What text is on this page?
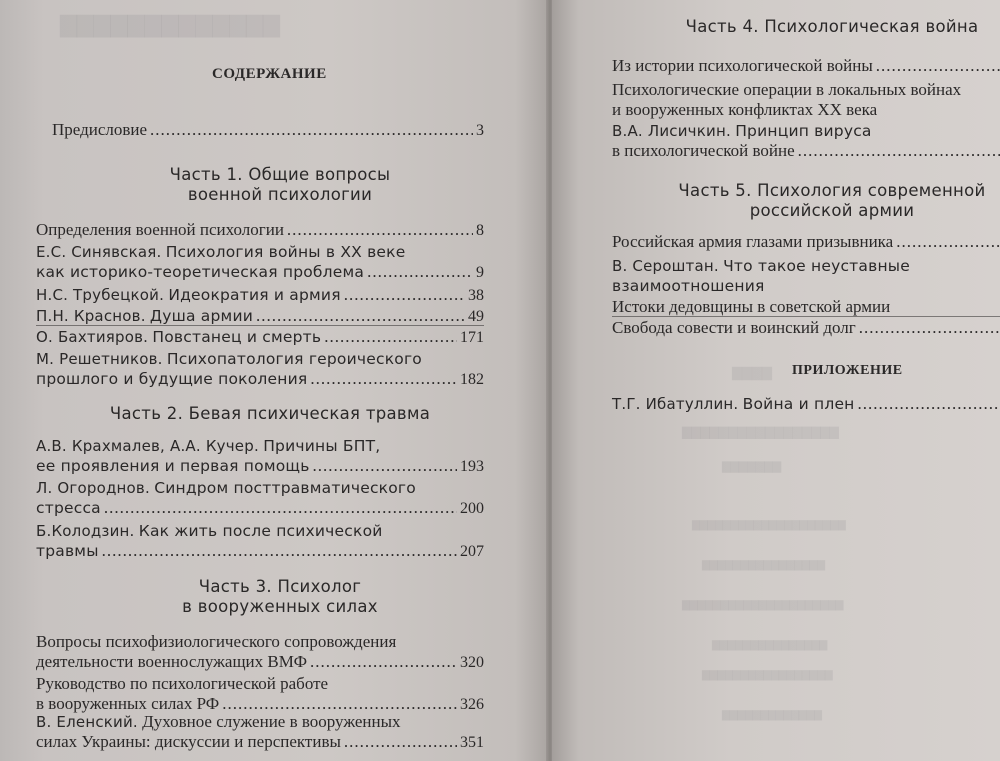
▇▇▇▇▇▇▇▇▇▇▇▇▇
СОДЕРЖАНИЕ
Предисловие .....	3
Часть 1. Общие вопросы
военной психологии
Определения военной психологии .....	8
Е.С. Синявская. Психология войны в XX веке
как историко-теоретическая проблема .....	9
Н.С. Трубецкой.
Идеократия и армия .....	38
П.Н. Краснов.
Душа армии .....	49
О. Бахтияров.
Повстанец и смерть .....	171
М. Решетников. Психопатология героического
прошлого и будущие поколения .....	182
Часть 2. Бевая психическая травма
А.В. Крахмалев, А.А. Кучер. Причины БПТ,
ее проявления и первая помощь .....	193
Л. Огороднов. Синдром посттравматического
стресса .....	200
Б.Колодзин. Как жить после психической
травмы .....	207
Часть 3. Психолог
в вооруженных силах
Вопросы психофизиологического сопровождения
деятельности военнослужащих ВМФ .....	320
Руководство по психологической работе
в вооруженных силах РФ .....	326
В. Еленский. Духовное служение в вооруженных
силах Украины: дискуссии и перспективы .....	351
▇▇▇▇
▇▇▇▇▇▇▇▇▇▇▇▇▇▇▇▇▇
▇▇▇▇▇▇▇
▇▇▇▇▇▇▇▇▇▇▇▇▇▇▇▇▇▇▇▇
▇▇▇▇▇▇▇▇▇▇▇▇▇▇▇▇
▇▇▇▇▇▇▇▇▇▇▇▇▇▇▇▇▇▇▇▇▇
▇▇▇▇▇▇▇▇▇▇▇▇▇▇▇
▇▇▇▇▇▇▇▇▇▇▇▇▇▇▇▇▇
▇▇▇▇▇▇▇▇▇▇▇▇▇
Часть 4. Психологическая война
Из истории психологической войны
.....
Психологические операции в локальных войнах
и вооруженных конфликтах XX века
В.А. Лисичкин. Принцип вируса
в психологической войне
.....
Часть 5. Психология современной
российской армии
Российская армия глазами призывника
.....
В. Сероштан. Что такое неуставные
взаимоотношения
Истоки дедовщины в советской армии
Свобода совести и воинский долг
.....
ПРИЛОЖЕНИЕ
Т.Г. Ибатуллин.
Война и плен
.....
